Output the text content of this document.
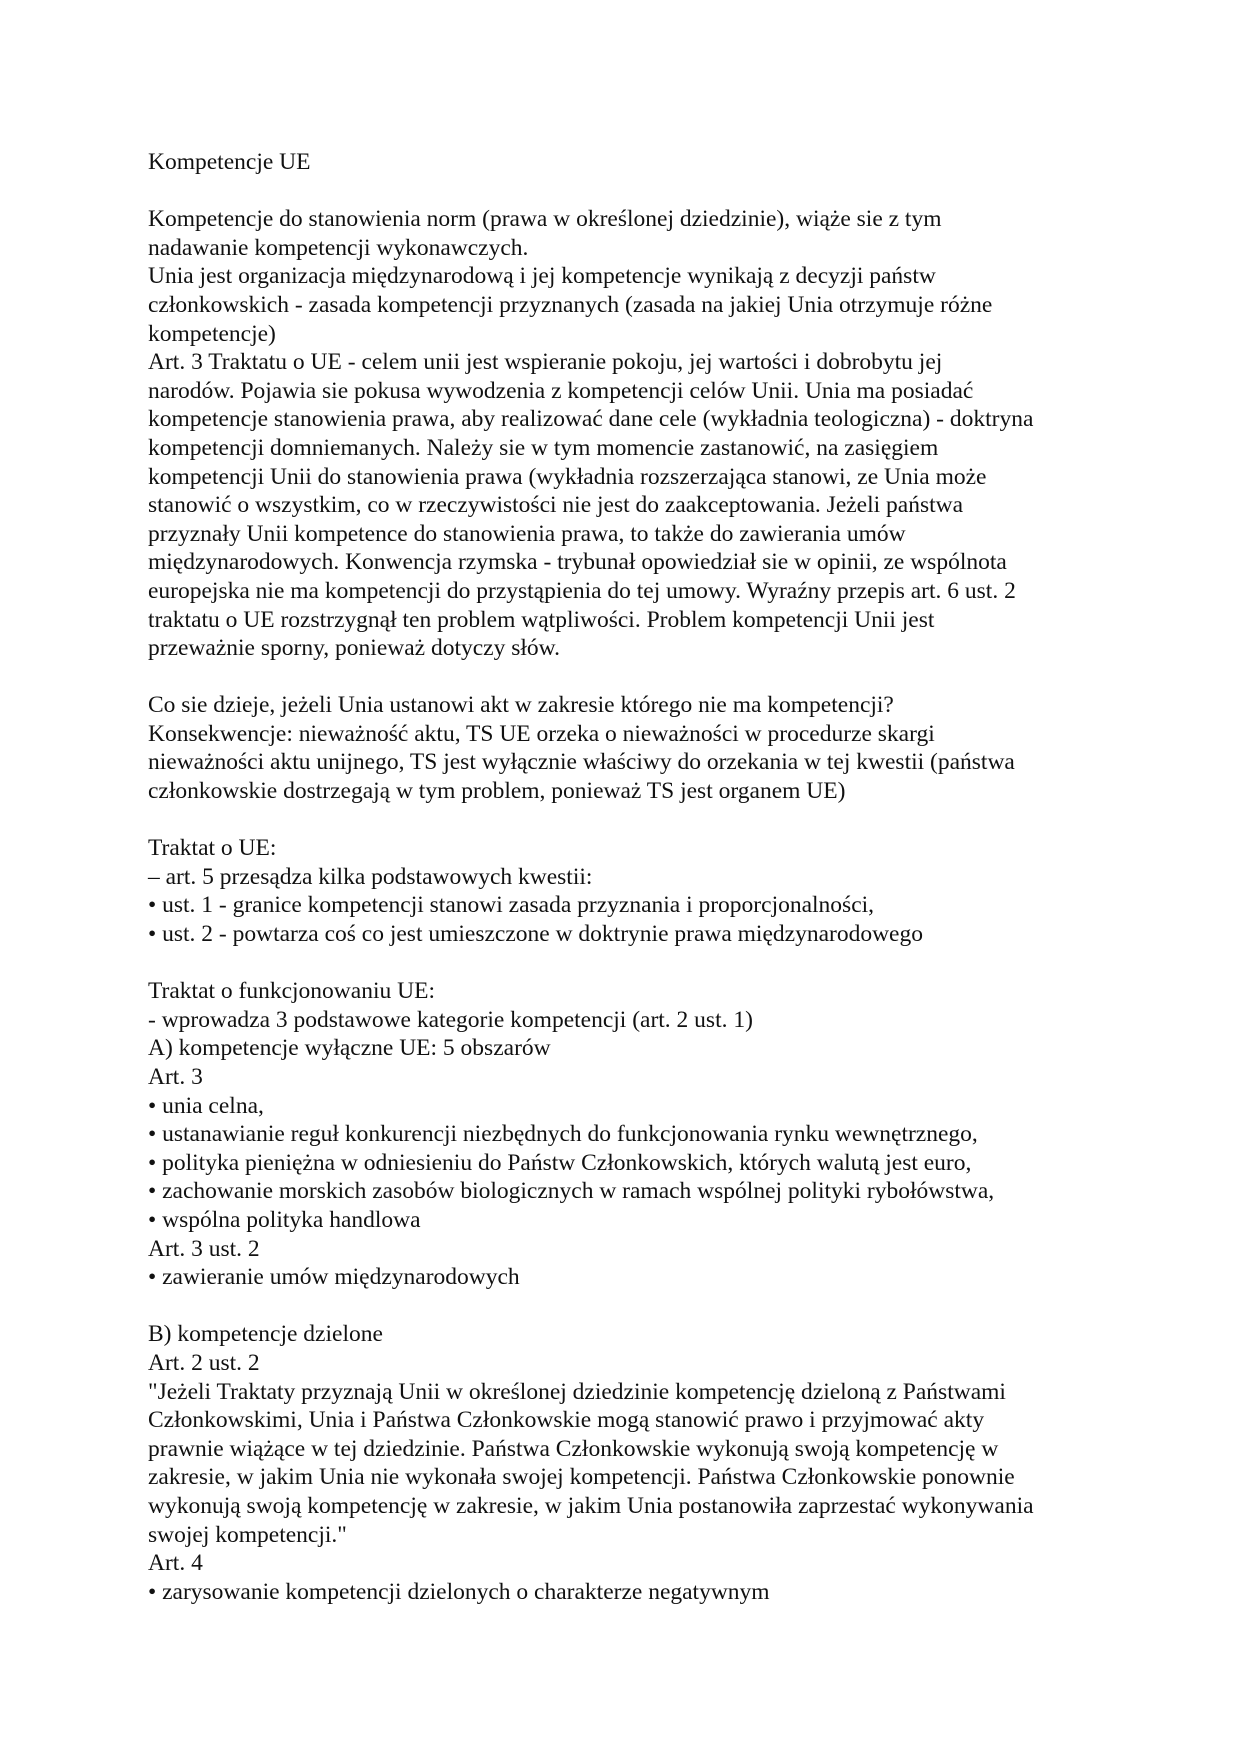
Kompetencje UE
Kompetencje do stanowienia norm (prawa w określonej dziedzinie), wiąże sie z tym
nadawanie kompetencji wykonawczych.
Unia jest organizacja międzynarodową i jej kompetencje wynikają z decyzji państw
członkowskich - zasada kompetencji przyznanych (zasada na jakiej Unia otrzymuje różne
kompetencje)
Art. 3 Traktatu o UE - celem unii jest wspieranie pokoju, jej wartości i dobrobytu jej
narodów. Pojawia sie pokusa wywodzenia z kompetencji celów Unii. Unia ma posiadać
kompetencje stanowienia prawa, aby realizować dane cele (wykładnia teologiczna) - doktryna
kompetencji domniemanych. Należy sie w tym momencie zastanowić, na zasięgiem
kompetencji Unii do stanowienia prawa (wykładnia rozszerzająca stanowi, ze Unia może
stanowić o wszystkim, co w rzeczywistości nie jest do zaakceptowania. Jeżeli państwa
przyznały Unii kompetence do stanowienia prawa, to także do zawierania umów
międzynarodowych. Konwencja rzymska - trybunał opowiedział sie w opinii, ze wspólnota
europejska nie ma kompetencji do przystąpienia do tej umowy. Wyraźny przepis art. 6 ust. 2
traktatu o UE rozstrzygnął ten problem wątpliwości. Problem kompetencji Unii jest
przeważnie sporny, ponieważ dotyczy słów.
Co sie dzieje, jeżeli Unia ustanowi akt w zakresie którego nie ma kompetencji?
Konsekwencje: nieważność aktu, TS UE orzeka o nieważności w procedurze skargi
nieważności aktu unijnego, TS jest wyłącznie właściwy do orzekania w tej kwestii (państwa
członkowskie dostrzegają w tym problem, ponieważ TS jest organem UE)
Traktat o UE:
– art. 5 przesądza kilka podstawowych kwestii:
• ust. 1 - granice kompetencji stanowi zasada przyznania i proporcjonalności,
• ust. 2 - powtarza coś co jest umieszczone w doktrynie prawa międzynarodowego
Traktat o funkcjonowaniu UE:
- wprowadza 3 podstawowe kategorie kompetencji (art. 2 ust. 1)
A) kompetencje wyłączne UE: 5 obszarów
Art. 3
• unia celna,
• ustanawianie reguł konkurencji niezbędnych do funkcjonowania rynku wewnętrznego,
• polityka pieniężna w odniesieniu do Państw Członkowskich, których walutą jest euro,
• zachowanie morskich zasobów biologicznych w ramach wspólnej polityki rybołówstwa,
• wspólna polityka handlowa
Art. 3 ust. 2
• zawieranie umów międzynarodowych
B) kompetencje dzielone
Art. 2 ust. 2
"Jeżeli Traktaty przyznają Unii w określonej dziedzinie kompetencję dzieloną z Państwami
Członkowskimi, Unia i Państwa Członkowskie mogą stanowić prawo i przyjmować akty
prawnie wiążące w tej dziedzinie. Państwa Członkowskie wykonują swoją kompetencję w
zakresie, w jakim Unia nie wykonała swojej kompetencji. Państwa Członkowskie ponownie
wykonują swoją kompetencję w zakresie, w jakim Unia postanowiła zaprzestać wykonywania
swojej kompetencji."
Art. 4
• zarysowanie kompetencji dzielonych o charakterze negatywnym
